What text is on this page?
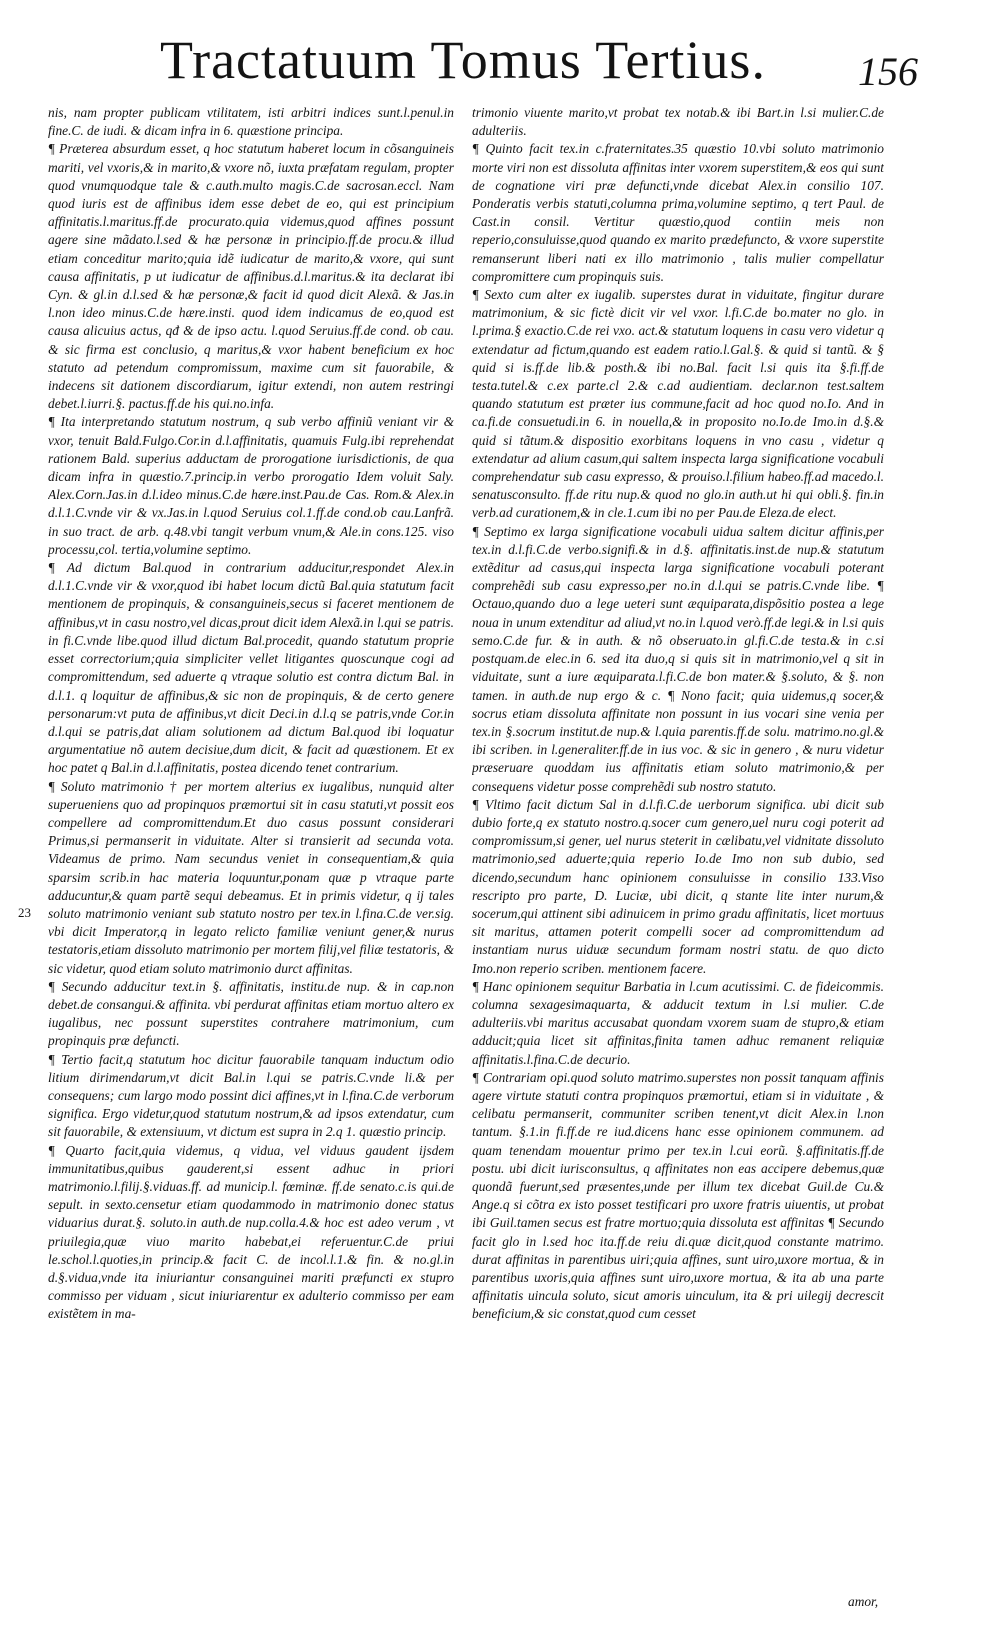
Tractatuum Tomus Tertius. 156
23

nis, nam propter publicam vtilitatem, isti arbitri indices sunt.l.penul.in fine.C. de iudi. & dicam infra in 6. quæstione principa.

¶ Præterea absurdum esset, q hoc statutum haberet locum in cõsanguineis mariti, vel vxoris,& in marito,& vxore nõ, iuxta præfatam regulam, propter quod vnumquodque tale & c.auth.multo magis.C.de sacrosan.eccl. Nam quod iuris est de affinibus idem esse debet de eo, qui est principium affinitatis.l.maritus.ff.de procurato.quia videmus,quod affines possunt agere sine mãdato.l.sed & hæ personæ in principio.ff.de procu.& illud etiam conceditur marito;quia idẽ iudicatur de marito,& vxore, qui sunt causa affinitatis, p ut iudicatur de affinibus.d.l.maritus.& ita declarat ibi Cyn. & gl.in d.l.sed & hæ personæ,& facit id quod dicit Alexã. & Jas.in l.non ideo minus.C.de hære.insti. quod idem indicamus de eo,quod est causa alicuius actus, qđ & de ipso actu. l.quod Seruius.ff.de cond. ob cau. & sic firma est conclusio, q maritus,& vxor habent beneficium ex hoc statuto ad petendum compromissum, maxime cum sit fauorabile, & indecens sit dationem discordiarum, igitur extendi, non autem restringi debet.l.iurri.§. pactus.ff.de his qui.no.infa.

¶ Ita interpretando statutum nostrum, q sub verbo affiniũ veniant vir & vxor, tenuit Bald.Fulgo.Cor.in d.l.affinitatis, quamuis Fulg.ibi reprehendat rationem Bald. superius adductam de prorogatione iurisdictionis, de qua dicam infra in quæstio.7.princip.in verbo prorogatio Idem voluit Saly. Alex.Corn.Jas.in d.l.ideo minus.C.de hære.inst.Pau.de Cas. Rom.& Alex.in d.l.1.C.vnde vir & vx.Jas.in l.quod Seruius col.1.ff.de cond.ob cau.Lanfrã. in suo tract. de arb. q.48.vbi tangit verbum vnum,& Ale.in cons.125. viso processu,col. tertia,volumine septimo.

¶ Ad dictum Bal.quod in contrarium adducitur,respondet Alex.in d.l.1.C.vnde vir & vxor,quod ibi habet locum dictũ Bal.quia statutum facit mentionem de propinquis, & consanguineis,secus si faceret mentionem de affinibus,vt in casu nostro,vel dicas,prout dicit idem Alexã.in l.qui se patris. in fi.C.vnde libe.quod illud dictum Bal.procedit, quando statutum proprie esset correctorium;quia simpliciter vellet litigantes quoscunque cogi ad compromittendum, sed aduerte q vtraque solutio est contra dictum Bal. in d.l.1. q loquitur de affinibus,& sic non de propinquis, & de certo genere personarum:vt puta de affinibus,vt dicit Deci.in d.l.q se patris,vnde Cor.in d.l.qui se patris,dat aliam solutionem ad dictum Bal.quod ibi loquatur argumentatiue nõ autem decisiue,dum dicit, & facit ad quæstionem. Et ex hoc patet q Bal.in d.l.affinitatis, postea dicendo tenet contrarium.

¶ Soluto matrimonio † per mortem alterius ex iugalibus, nunquid alter superueniens quo ad propinquos præmortui sit in casu statuti,vt possit eos compellere ad compromittendum.Et duo casus possunt considerari Primus,si permanserit in viduitate. Alter si transierit ad secunda vota. Videamus de primo. Nam secundus veniet in consequentiam,& quia sparsim scrib.in hac materia loquuntur,ponam quæ p vtraque parte adducuntur,& quam partẽ sequi debeamus. Et in primis videtur, q ij tales soluto matrimonio veniant sub statuto nostro per tex.in l.fina.C.de ver.sig. vbi dicit Imperator,q in legato relicto familiæ veniunt gener,& nurus testatoris,etiam dissoluto matrimonio per mortem filij,vel filiæ testatoris, & sic videtur, quod etiam soluto matrimonio durct affinitas.

¶ Secundo adducitur text.in §. affinitatis, institu.de nup. & in cap.non debet.de consangui.& affinita. vbi perdurat affinitas etiam mortuo altero ex iugalibus, nec possunt superstites contrahere matrimonium, cum propinquis præ defuncti.

¶ Tertio facit,q statutum hoc dicitur fauorabile tanquam inductum odio litium dirimendarum,vt dicit Bal.in l.qui se patris.C.vnde li.& per consequens; cum largo modo possint dici affines,vt in l.fina.C.de verborum significa. Ergo videtur,quod statutum nostrum,& ad ipsos extendatur, cum sit fauorabile, & extensiuum, vt dictum est supra in 2.q 1. quæstio princip.

¶ Quarto facit,quia videmus, q vidua, vel viduus gaudent ijsdem immunitatibus,quibus gauderent,si essent adhuc in priori matrimonio.l.filij.§.viduas.ff. ad municip.l. fœminæ. ff.de senato.c.is qui.de sepult. in sexto.censetur etiam quodammodo in matrimonio donec status viduarius durat.§. soluto.in auth.de nup.colla.4.& hoc est adeo verum , vt priuilegia,quæ viuo marito habebat,ei referuentur.C.de priui le.schol.l.quoties,in princip.& facit C. de incol.l.1.& fin. & no.gl.in d.§.vidua,vnde ita iniuriantur consanguinei mariti præfuncti ex stupro commisso per viduam , sicut iniuriarentur ex adulterio commisso per eam existẽtem in ma-

trimonio viuente marito,vt probat tex notab.& ibi Bart.in l.si mulier.C.de adulteriis.

¶ Quinto facit tex.in c.fraternitates.35 quæstio 10.vbi soluto matrimonio morte viri non est dissoluta affinitas inter vxorem superstitem,& eos qui sunt de cognatione viri præ defuncti,vnde dicebat Alex.in consilio 107. Ponderatis verbis statuti,columna prima,volumine septimo, q tert Paul. de Cast.in consil. Vertitur quæstio,quod contiin meis non reperio,consuluisse,quod quando ex marito prædefuncto, & vxore superstite remanserunt liberi nati ex illo matrimonio , talis mulier compellatur compromittere cum propinquis suis.

¶ Sexto cum alter ex iugalib. superstes durat in viduitate, fingitur durare matrimonium, & sic fictè dicit vir vel vxor. l.fi.C.de bo.mater no glo. in l.prima.§ exactio.C.de rei vxo. act.& statutum loquens in casu vero videtur q extendatur ad fictum,quando est eadem ratio.l.Gal.§. & quid si tantũ. & § quid si is.ff.de lib.& posth.& ibi no.Bal. facit l.si quis ita §.fi.ff.de testa.tutel.& c.ex parte.cl 2.& c.ad audientiam. declar.non test.saltem quando statutum est præter ius commune,facit ad hoc quod no.Io. And in ca.fi.de consuetudi.in 6. in nouella,& in proposito no.Io.de Imo.in d.§.& quid si tãtum.& dispositio exorbitans loquens in vno casu , videtur q extendatur ad alium casum,qui saltem inspecta larga significatione vocabuli comprehendatur sub casu expresso, & prouiso.l.filium habeo.ff.ad macedo.l. senatusconsulto. ff.de ritu nup.& quod no glo.in auth.ut hi qui obli.§. fin.in verb.ad curationem,& in cle.1.cum ibi no per Pau.de Eleza.de elect.

¶ Septimo ex larga significatione vocabuli uidua saltem dicitur affinis,per tex.in d.l.fi.C.de verbo.signifi.& in d.§. affinitatis.inst.de nup.& statutum extẽditur ad casus,qui inspecta larga significatione vocabuli poterant comprehẽdi sub casu expresso,per no.in d.l.qui se patris.C.vnde libe. ¶ Octauo,quando duo a lege ueteri sunt æquiparata,dispõsitio postea a lege noua in unum extenditur ad aliud,vt no.in l.quod verò.ff.de legi.& in l.si quis semo.C.de fur. & in auth. & nõ obseruato.in gl.fi.C.de testa.& in c.si postquam.de elec.in 6. sed ita duo,q si quis sit in matrimonio,vel q sit in viduitate, sunt a iure æquiparata.l.fi.C.de bon mater.& §.soluto, & §. non tamen. in auth.de nup ergo & c. ¶ Nono facit; quia uidemus,q socer,& socrus etiam dissoluta affinitate non possunt in ius vocari sine venia per tex.in §.socrum institut.de nup.& l.quia parentis.ff.de solu. matrimo.no.gl.& ibi scriben. in l.generaliter.ff.de in ius voc. & sic in genero , & nuru videtur præseruare quoddam ius affinitatis etiam soluto matrimonio,& per consequens videtur posse comprehẽdi sub nostro statuto.

¶ Vltimo facit dictum Sal in d.l.fi.C.de uerborum significa. ubi dicit sub dubio forte,q ex statuto nostro.q.socer cum genero,uel nuru cogi poterit ad compromissum,si gener, uel nurus steterit in cælibatu,vel vidnitate dissoluto matrimonio,sed aduerte;quia reperio Io.de Imo non sub dubio, sed dicendo,secundum hanc opinionem consuluisse in consilio 133.Viso rescripto pro parte, D. Luciæ, ubi dicit, q stante lite inter nurum,& socerum,qui attinent sibi adinuicem in primo gradu affinitatis, licet mortuus sit maritus, attamen poterit compelli socer ad compromittendum ad instantiam nurus uiduæ secundum formam nostri statu. de quo dicto Imo.non reperio scriben. mentionem facere.

¶ Hanc opinionem sequitur Barbatia in l.cum acutissimi. C. de fideicommis. columna sexagesimaquarta, & adducit textum in l.si mulier. C.de adulteriis.vbi maritus accusabat quondam vxorem suam de stupro,& etiam adducit;quia licet sit affinitas,finita tamen adhuc remanent reliquiæ affinitatis.l.fina.C.de decurio.

¶ Contrariam opi.quod soluto matrimo.superstes non possit tanquam affinis agere virtute statuti contra propinquos præmortui, etiam si in viduitate , & celibatu permanserit, communiter scriben tenent,vt dicit Alex.in l.non tantum. §.1.in fi.ff.de re iud.dicens hanc esse opinionem communem. ad quam tenendam mouentur primo per tex.in l.cui eorũ. §.affinitatis.ff.de postu. ubi dicit iurisconsultus, q affinitates non eas accipere debemus,quæ quondã fuerunt,sed præsentes,unde per illum tex dicebat Guil.de Cu.& Ange.q si cõtra ex isto posset testificari pro uxore fratris uiuentis, ut probat ibi Guil.tamen secus est fratre mortuo;quia dissoluta est affinitas ¶ Secundo facit glo in l.sed hoc ita.ff.de reiu di.quæ dicit,quod constante matrimo. durat affinitas in parentibus uiri;quia affines, sunt uiro,uxore mortua, & in parentibus uxoris,quia affines sunt uiro,uxore mortua, & ita ab una parte affinitatis uincula soluto, sicut amoris uinculum, ita & pri uilegij decrescit beneficium,& sic constat,quod cum cesset

amor,
